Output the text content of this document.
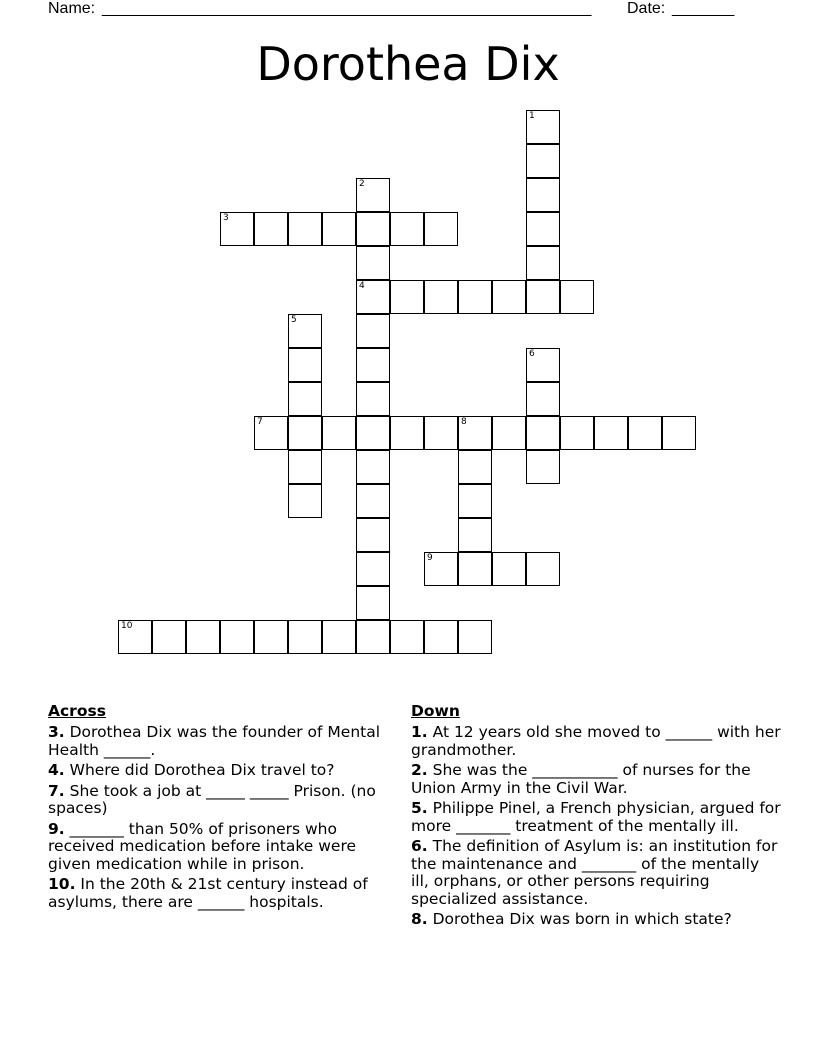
Name: _______________________________________________________ Date: _______
Dorothea Dix
1
2
4
3
5
6
7	8
9
10
Across
3. Dorothea Dix was the founder of Mental Health ______.
4. Where did Dorothea Dix travel to?
7. She took a job at _____ _____ Prison. (no spaces)
9. _______ than 50% of prisoners who received medication before intake were given medication while in prison.
10. In the 20th & 21st century instead of asylums, there are ______ hospitals.
Down
1. At 12 years old she moved to ______ with her grandmother.
2. She was the ___________ of nurses for the Union Army in the Civil War.
5. Philippe Pinel, a French physician, argued for more _______ treatment of the mentally ill.
6. The definition of Asylum is: an institution for the maintenance and _______ of the mentally ill, orphans, or other persons requiring specialized assistance.
8. Dorothea Dix was born in which state?
